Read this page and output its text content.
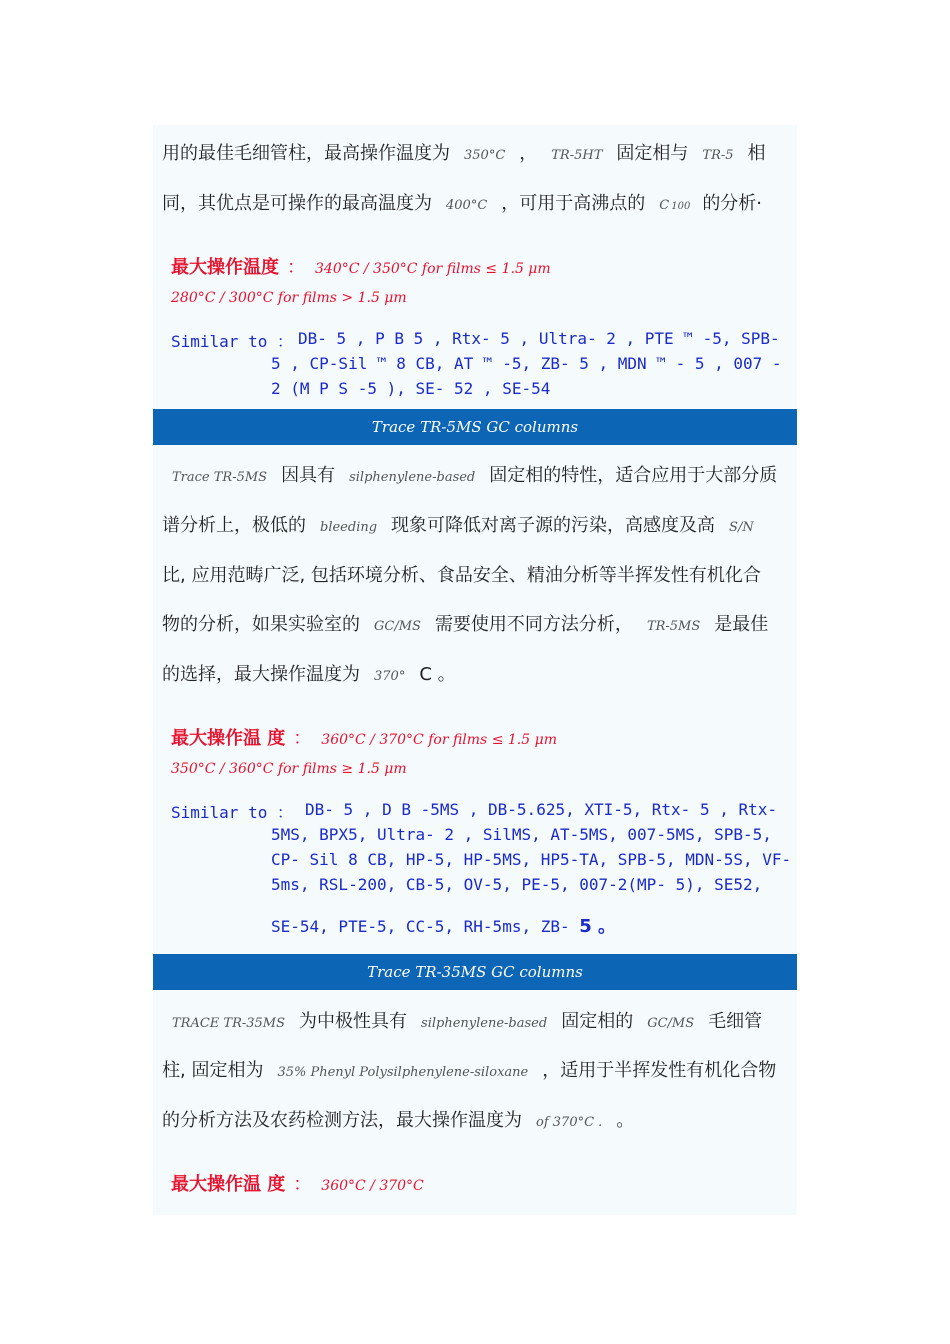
用的最佳毛细管柱，最高操作温度为 350°C ， TR-5HT 固定相与 TR-5 相
同，其优点是可操作的最高温度为 400°C ，可用于高沸点的 C 100 的分析·
最大操作温度 ： 340°C / 350°C for films ≤ 1.5 μm
280°C / 300°C for films > 1.5 μm
Similar to ： DB- 5 , P B 5 , Rtx- 5 , Ultra- 2 , PTE ™ -5, SPB-
5 , CP-Sil ™ 8 CB, AT ™ -5, ZB- 5 , MDN ™ - 5 , 007 -
2 (M P S -5 ), SE- 52 , SE-54
Trace TR-5MS GC columns
Trace TR-5MS 因具有 silphenylene-based 固定相的特性，适合应用于大部分质
谱分析上，极低的 bleeding 现象可降低对离子源的污染，高感度及高 S/N
比, 应用范畴广泛, 包括环境分析、食品安全、精油分析等半挥发性有机化合
物的分析，如果实验室的 GC/MS 需要使用不同方法分析， TR-5MS 是最佳
的选择，最大操作温度为 370° C 。
最大操作温 度 ： 360°C / 370°C for films ≤ 1.5 μm
350°C / 360°C for films ≥ 1.5 μm
Similar to ： DB- 5 , D B -5MS , DB-5.625, XTI-5, Rtx- 5 , Rtx-
5MS, BPX5, Ultra- 2 , SilMS, AT-5MS, 007-5MS, SPB-5,
CP- Sil 8 CB, HP-5, HP-5MS, HP5-TA, SPB-5, MDN-5S, VF-
5ms, RSL-200, CB-5, OV-5, PE-5, 007-2(MP- 5), SE52,
SE-54, PTE-5, CC-5, RH-5ms, ZB- 5 。
Trace TR-35MS GC columns
TRACE TR-35MS 为中极性具有 silphenylene-based 固定相的 GC/MS 毛细管
柱, 固定相为 35% Phenyl Polysilphenylene-siloxane ，适用于半挥发性有机化合物
的分析方法及农药检测方法，最大操作温度为 of 370°C . 。
最大操作温 度 ： 360°C / 370°C
